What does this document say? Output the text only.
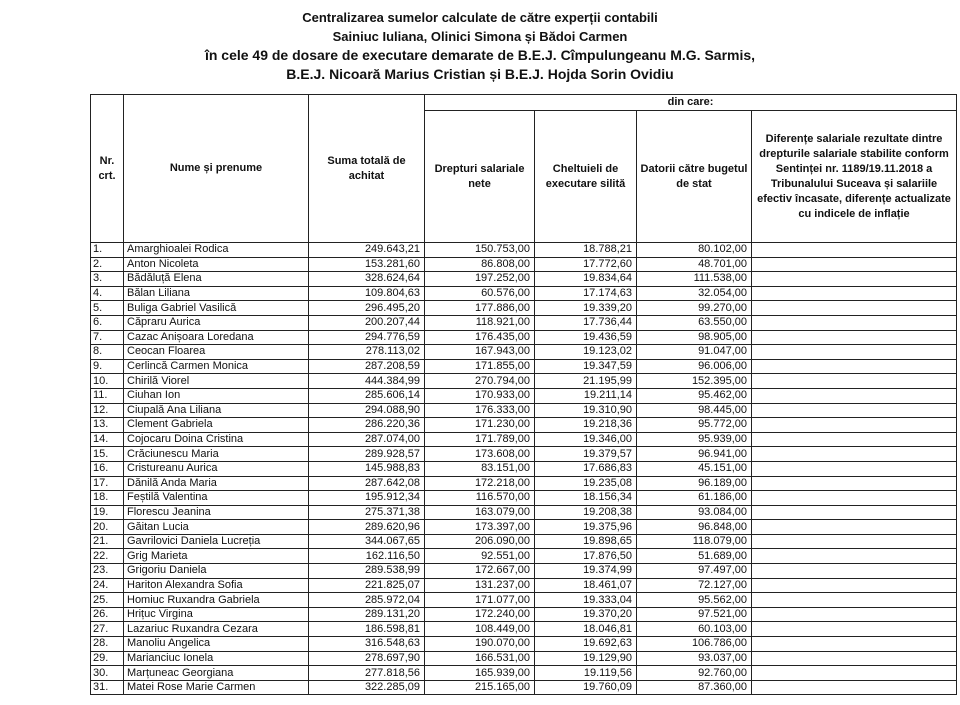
Centralizarea sumelor calculate de către experții contabili
Sainiuc Iuliana, Olinici Simona și Bădoi Carmen
în cele 49 de dosare de executare demarate de B.E.J. Cîmpulungeanu M.G. Sarmis,
B.E.J. Nicoară Marius Cristian și B.E.J. Hojda Sorin Ovidiu
Nr. crt.	Nume și prenume	Suma totală de achitat	din care:			
			Drepturi salariale nete	Cheltuieli de executare silită	Datorii către bugetul de stat	Diferențe salariale rezultate dintre drepturile salariale stabilite conform Sentinței nr. 1189/19.11.2018 a Tribunalului Suceava și salariile efectiv încasate, diferențe actualizate cu indicele de inflație
1.	Amarghioalei Rodica	249.643,21	150.753,00	18.788,21	80.102,00	
2.	Anton Nicoleta	153.281,60	86.808,00	17.772,60	48.701,00	
3.	Bădăluță Elena	328.624,64	197.252,00	19.834,64	111.538,00	
4.	Bălan Liliana	109.804,63	60.576,00	17.174,63	32.054,00	
5.	Buliga Gabriel Vasilică	296.495,20	177.886,00	19.339,20	99.270,00	
6.	Căpraru Aurica	200.207,44	118.921,00	17.736,44	63.550,00	
7.	Cazac Anișoara Loredana	294.776,59	176.435,00	19.436,59	98.905,00	
8.	Ceocan Floarea	278.113,02	167.943,00	19.123,02	91.047,00	
9.	Cerlincă Carmen Monica	287.208,59	171.855,00	19.347,59	96.006,00	
10.	Chirilă Viorel	444.384,99	270.794,00	21.195,99	152.395,00	
11.	Ciuhan Ion	285.606,14	170.933,00	19.211,14	95.462,00	
12.	Ciupală Ana Liliana	294.088,90	176.333,00	19.310,90	98.445,00	
13.	Clement Gabriela	286.220,36	171.230,00	19.218,36	95.772,00	
14.	Cojocaru Doina Cristina	287.074,00	171.789,00	19.346,00	95.939,00	
15.	Crăciunescu Maria	289.928,57	173.608,00	19.379,57	96.941,00	
16.	Cristureanu Aurica	145.988,83	83.151,00	17.686,83	45.151,00	
17.	Dănilă Anda Maria	287.642,08	172.218,00	19.235,08	96.189,00	
18.	Feștilă Valentina	195.912,34	116.570,00	18.156,34	61.186,00	
19.	Florescu Jeanina	275.371,38	163.079,00	19.208,38	93.084,00	
20.	Găitan Lucia	289.620,96	173.397,00	19.375,96	96.848,00	
21.	Gavrilovici Daniela Lucreția	344.067,65	206.090,00	19.898,65	118.079,00	
22.	Grig Marieta	162.116,50	92.551,00	17.876,50	51.689,00	
23.	Grigoriu Daniela	289.538,99	172.667,00	19.374,99	97.497,00	
24.	Hariton Alexandra Sofia	221.825,07	131.237,00	18.461,07	72.127,00	
25.	Homiuc Ruxandra Gabriela	285.972,04	171.077,00	19.333,04	95.562,00	
26.	Hrițuc Virgina	289.131,20	172.240,00	19.370,20	97.521,00	
27.	Lazariuc Ruxandra Cezara	186.598,81	108.449,00	18.046,81	60.103,00	
28.	Manoliu Angelica	316.548,63	190.070,00	19.692,63	106.786,00	
29.	Marianciuc Ionela	278.697,90	166.531,00	19.129,90	93.037,00	
30.	Marțuneac Georgiana	277.818,56	165.939,00	19.119,56	92.760,00	
31.	Matei Rose Marie Carmen	322.285,09	215.165,00	19.760,09	87.360,00	
